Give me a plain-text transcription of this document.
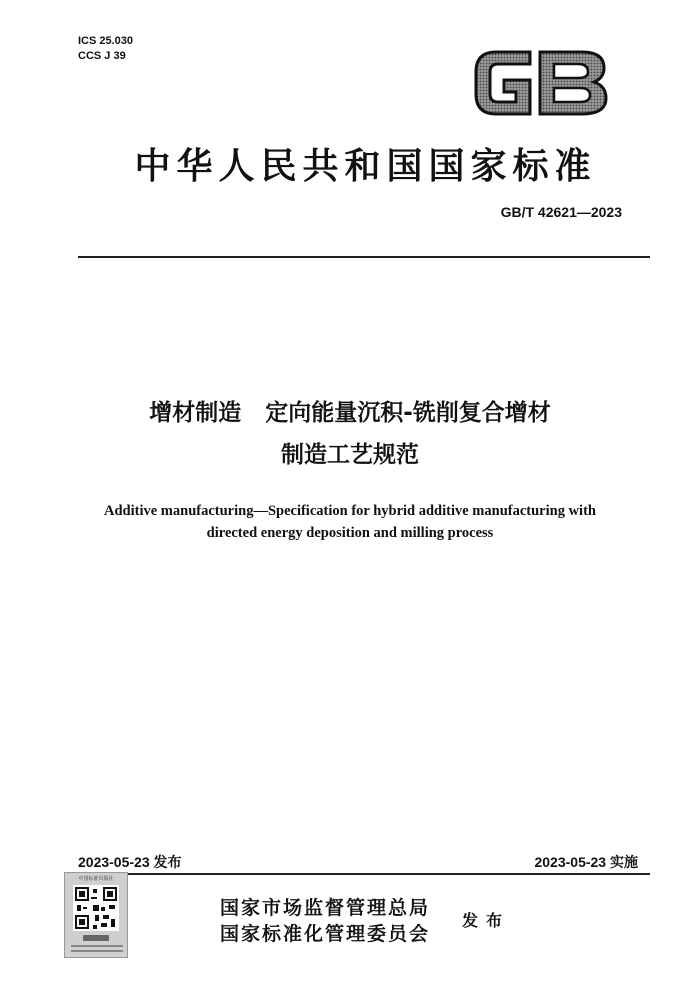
ICS 25.030
CCS J 39
中华人民共和国国家标准
GB/T 42621—2023
增材制造   定向能量沉积-铣削复合增材
制造工艺规范
Additive manufacturing—Specification for hybrid additive manufacturing with
directed energy deposition and milling process
2023-05-23 发布	2023-05-23 实施
中国标准出版社
国家市场监督管理总局
国家标准化管理委员会
发布
